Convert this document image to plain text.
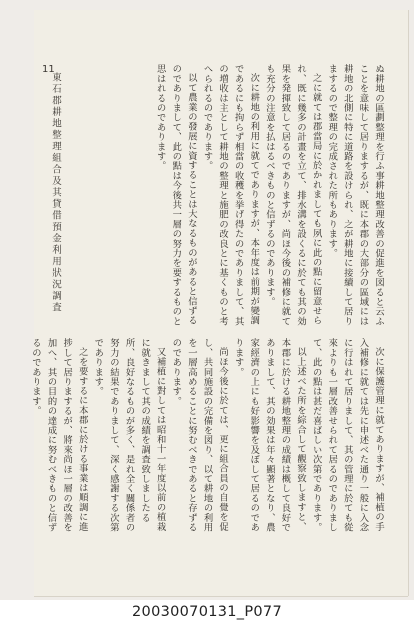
11
東石郡耕地整理組合及其貸借預金利用狀況調査	ぬ耕地の區劃整理を行ふ事耕地整理改善の促進を図ると云ふことを意味して居りまするが、既に本郡の大部分の區域には耕地の北側に特に道路を設けられ、之が耕地に接續して居りまするので整理の完成された所もあります。

之に就ては郡當局に於かれましても夙に此の點に留意せられ、既に幾多の計畫を立て、排水溝を設くるに於ても其の効果を発揮致して居るのでありますが、尚ほ今後の補修に就ても充分の注意を払はるべきものと信ずるのであります。

次に耕地の利用に就てでありますが、本年度は前期が變調であるにも拘らず相當の收穫を挙げ得たのでありまして、其の増收は主として耕地の整理と施肥の改良とに基くものと考へられるのであります。

以て農業の發展に資することは大なるものがあると信ずるのでありまして、此の點は今後共一層の努力を要するものと思はれるのであります。

次に保護管理に就てありますが、補植の手入補修に就ては先に申述べた通り一般に入念に行はれて居りまして、其の管理に於ても從來よりも一層改善せられて居るのでありまして、此の點は甚だ喜ばしい次第であります。

以上述べた所を綜合して觀察致しますと、本郡に於ける耕地整理の成績は概して良好でありまして、其の効果は年々顯著となり、農家經濟の上にも好影響を及ぼして居るのであります。

尚ほ今後に於ては、更に組合員の自覺を促し、共同施設の完備を図り、以て耕地の利用を一層高めることに努むべきであると存ずるのであります。

又補植に對しては昭和十一年度以前の植栽に就きまして其の成績を調査致しましたる所、良好なるものが多く、是れ全く關係者の努力の結果でありまして、深く感謝する次第であります。

之を要するに本郡に於ける事業は順調に進捗して居りまするが、將來尚ほ一層の改善を加へ、其の目的の達成に努むべきものと信ずるのであります。

20030070131_P077
